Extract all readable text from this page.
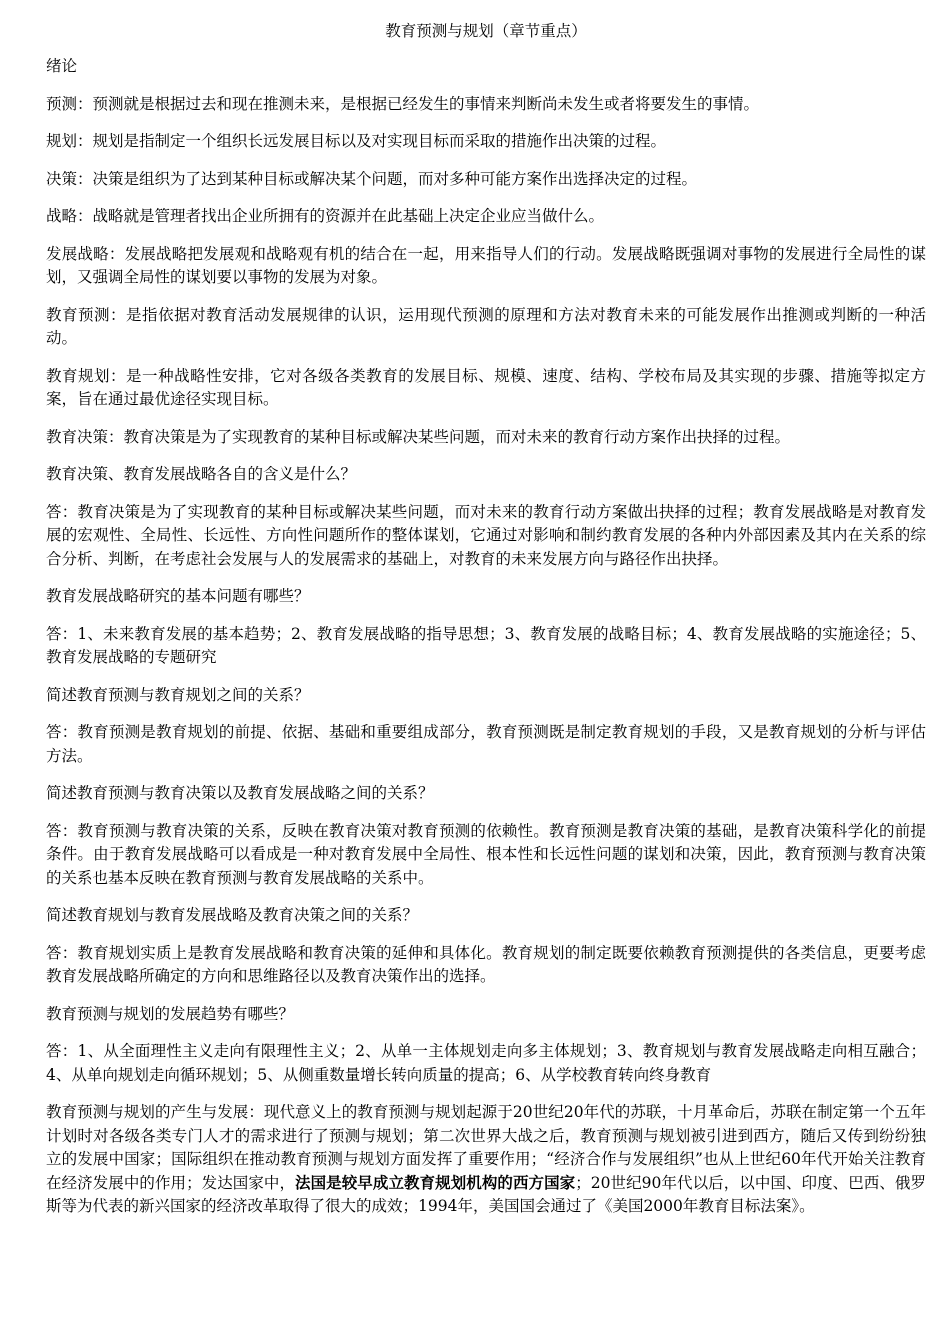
教育预测与规划（章节重点）
绪论
预测：预测就是根据过去和现在推测未来，是根据已经发生的事情来判断尚未发生或者将要发生的事情。
规划：规划是指制定一个组织长远发展目标以及对实现目标而采取的措施作出决策的过程。
决策：决策是组织为了达到某种目标或解决某个问题，而对多种可能方案作出选择决定的过程。
战略：战略就是管理者找出企业所拥有的资源并在此基础上决定企业应当做什么。
发展战略：发展战略把发展观和战略观有机的结合在一起，用来指导人们的行动。发展战略既强调对事物的发展进行全局性的谋划，又强调全局性的谋划要以事物的发展为对象。
教育预测：是指依据对教育活动发展规律的认识，运用现代预测的原理和方法对教育未来的可能发展作出推测或判断的一种活动。
教育规划：是一种战略性安排，它对各级各类教育的发展目标、规模、速度、结构、学校布局及其实现的步骤、措施等拟定方案，旨在通过最优途径实现目标。
教育决策：教育决策是为了实现教育的某种目标或解决某些问题，而对未来的教育行动方案作出抉择的过程。
教育决策、教育发展战略各自的含义是什么？
答：教育决策是为了实现教育的某种目标或解决某些问题，而对未来的教育行动方案做出抉择的过程；教育发展战略是对教育发展的宏观性、全局性、长远性、方向性问题所作的整体谋划，它通过对影响和制约教育发展的各种内外部因素及其内在关系的综合分析、判断，在考虑社会发展与人的发展需求的基础上，对教育的未来发展方向与路径作出抉择。
教育发展战略研究的基本问题有哪些？
答：1、未来教育发展的基本趋势；2、教育发展战略的指导思想；3、教育发展的战略目标；4、教育发展战略的实施途径；5、教育发展战略的专题研究
简述教育预测与教育规划之间的关系？
答：教育预测是教育规划的前提、依据、基础和重要组成部分，教育预测既是制定教育规划的手段，又是教育规划的分析与评估方法。
简述教育预测与教育决策以及教育发展战略之间的关系？
答：教育预测与教育决策的关系，反映在教育决策对教育预测的依赖性。教育预测是教育决策的基础，是教育决策科学化的前提条件。由于教育发展战略可以看成是一种对教育发展中全局性、根本性和长远性问题的谋划和决策，因此，教育预测与教育决策的关系也基本反映在教育预测与教育发展战略的关系中。
简述教育规划与教育发展战略及教育决策之间的关系？
答：教育规划实质上是教育发展战略和教育决策的延伸和具体化。教育规划的制定既要依赖教育预测提供的各类信息，更要考虑教育发展战略所确定的方向和思维路径以及教育决策作出的选择。
教育预测与规划的发展趋势有哪些？
答：1、从全面理性主义走向有限理性主义；2、从单一主体规划走向多主体规划；3、教育规划与教育发展战略走向相互融合；4、从单向规划走向循环规划；5、从侧重数量增长转向质量的提高；6、从学校教育转向终身教育
教育预测与规划的产生与发展：现代意义上的教育预测与规划起源于20世纪20年代的苏联，十月革命后，苏联在制定第一个五年计划时对各级各类专门人才的需求进行了预测与规划；第二次世界大战之后，教育预测与规划被引进到西方，随后又传到纷纷独立的发展中国家；国际组织在推动教育预测与规划方面发挥了重要作用；“经济合作与发展组织”也从上世纪60年代开始关注教育在经济发展中的作用；发达国家中，法国是较早成立教育规划机构的西方国家；20世纪90年代以后，以中国、印度、巴西、俄罗斯等为代表的新兴国家的经济改革取得了很大的成效；1994年，美国国会通过了《美国2000年教育目标法案》。
